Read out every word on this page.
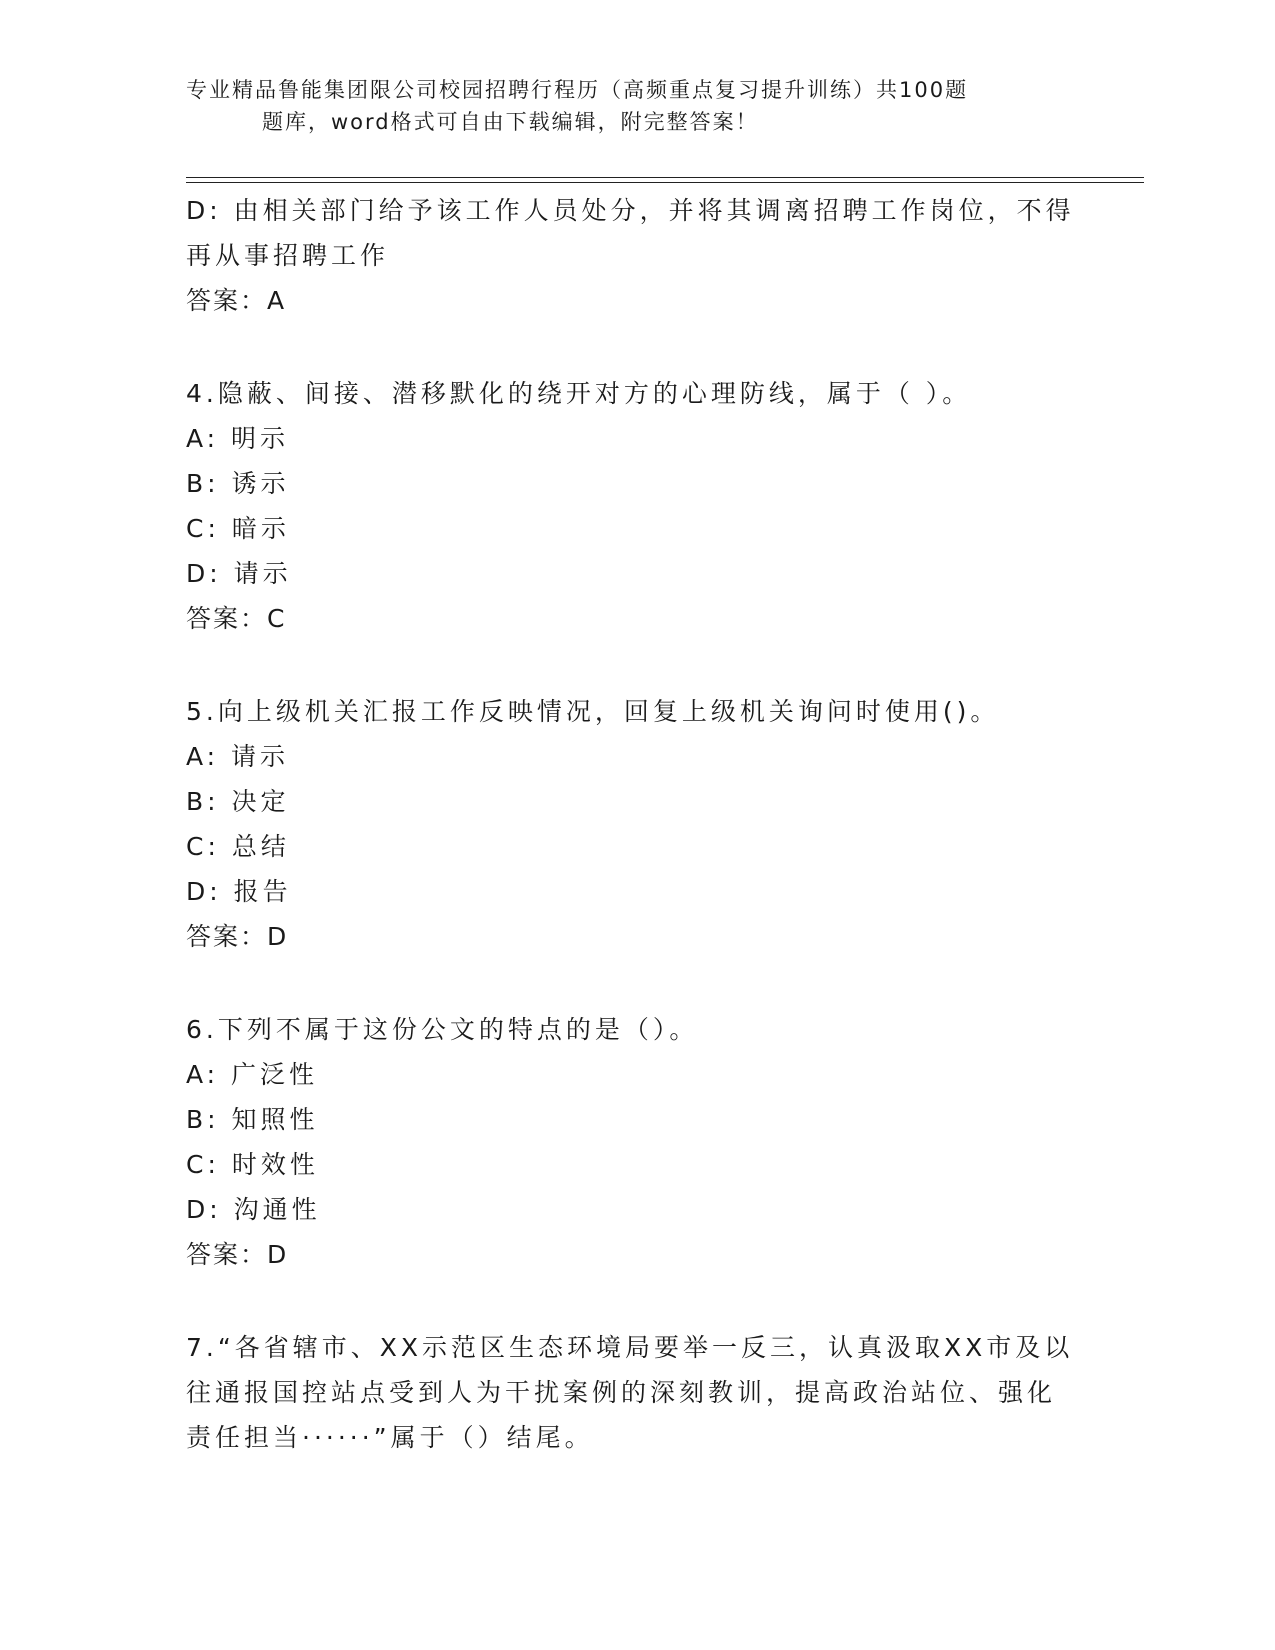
专业精品鲁能集团限公司校园招聘行程历（高频重点复习提升训练）共100题
题库，word格式可自由下载编辑，附完整答案！
D: 由相关部门给予该工作人员处分，并将其调离招聘工作岗位，不得
再从事招聘工作
答案：A
4.隐蔽、间接、潜移默化的绕开对方的心理防线，属于（ ）。
A: 明示
B: 诱示
C: 暗示
D: 请示
答案：C
5.向上级机关汇报工作反映情况，回复上级机关询问时使用()。
A: 请示
B: 决定
C: 总结
D: 报告
答案：D
6.下列不属于这份公文的特点的是（）。
A: 广泛性
B: 知照性
C: 时效性
D: 沟通性
答案：D
7.“各省辖市、XX示范区生态环境局要举一反三，认真汲取XX市及以
往通报国控站点受到人为干扰案例的深刻教训，提高政治站位、强化
责任担当······”属于（）结尾。
